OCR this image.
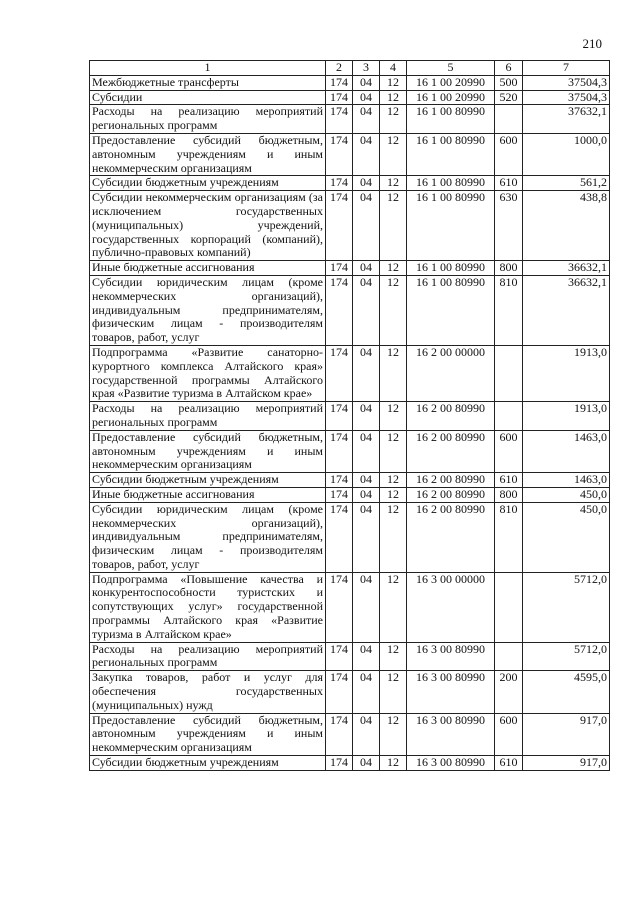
210
1	2	3	4	5	6	7
Межбюджетные трансферты	174	04	12	16 1 00 20990	500	37504,3
Субсидии	174	04	12	16 1 00 20990	520	37504,3
Расходы на реализацию мероприятий региональных программ	174	04	12	16 1 00 80990		37632,1
Предоставление субсидий бюджетным, автономным учреждениям и иным некоммерческим организациям	174	04	12	16 1 00 80990	600	1000,0
Субсидии бюджетным учреждениям	174	04	12	16 1 00 80990	610	561,2
Субсидии некоммерческим организациям (за исключением государственных (муниципальных) учреждений, государственных корпораций (компаний), публично-правовых компаний)	174	04	12	16 1 00 80990	630	438,8
Иные бюджетные ассигнования	174	04	12	16 1 00 80990	800	36632,1
Субсидии юридическим лицам (кроме некоммерческих организаций), индивидуальным предпринимателям, физическим лицам - производителям товаров, работ, услуг	174	04	12	16 1 00 80990	810	36632,1
Подпрограмма «Развитие санаторно-курортного комплекса Алтайского края» государственной программы Алтайского края «Развитие туризма в Алтайском крае»	174	04	12	16 2 00 00000		1913,0
Расходы на реализацию мероприятий региональных программ	174	04	12	16 2 00 80990		1913,0
Предоставление субсидий бюджетным, автономным учреждениям и иным некоммерческим организациям	174	04	12	16 2 00 80990	600	1463,0
Субсидии бюджетным учреждениям	174	04	12	16 2 00 80990	610	1463,0
Иные бюджетные ассигнования	174	04	12	16 2 00 80990	800	450,0
Субсидии юридическим лицам (кроме некоммерческих организаций), индивидуальным предпринимателям, физическим лицам - производителям товаров, работ, услуг	174	04	12	16 2 00 80990	810	450,0
Подпрограмма «Повышение качества и конкурентоспособности туристских и сопутствующих услуг» государственной программы Алтайского края «Развитие туризма в Алтайском крае»	174	04	12	16 3 00 00000		5712,0
Расходы на реализацию мероприятий региональных программ	174	04	12	16 3 00 80990		5712,0
Закупка товаров, работ и услуг для обеспечения государственных (муниципальных) нужд	174	04	12	16 3 00 80990	200	4595,0
Предоставление субсидий бюджетным, автономным учреждениям и иным некоммерческим организациям	174	04	12	16 3 00 80990	600	917,0
Субсидии бюджетным учреждениям	174	04	12	16 3 00 80990	610	917,0
